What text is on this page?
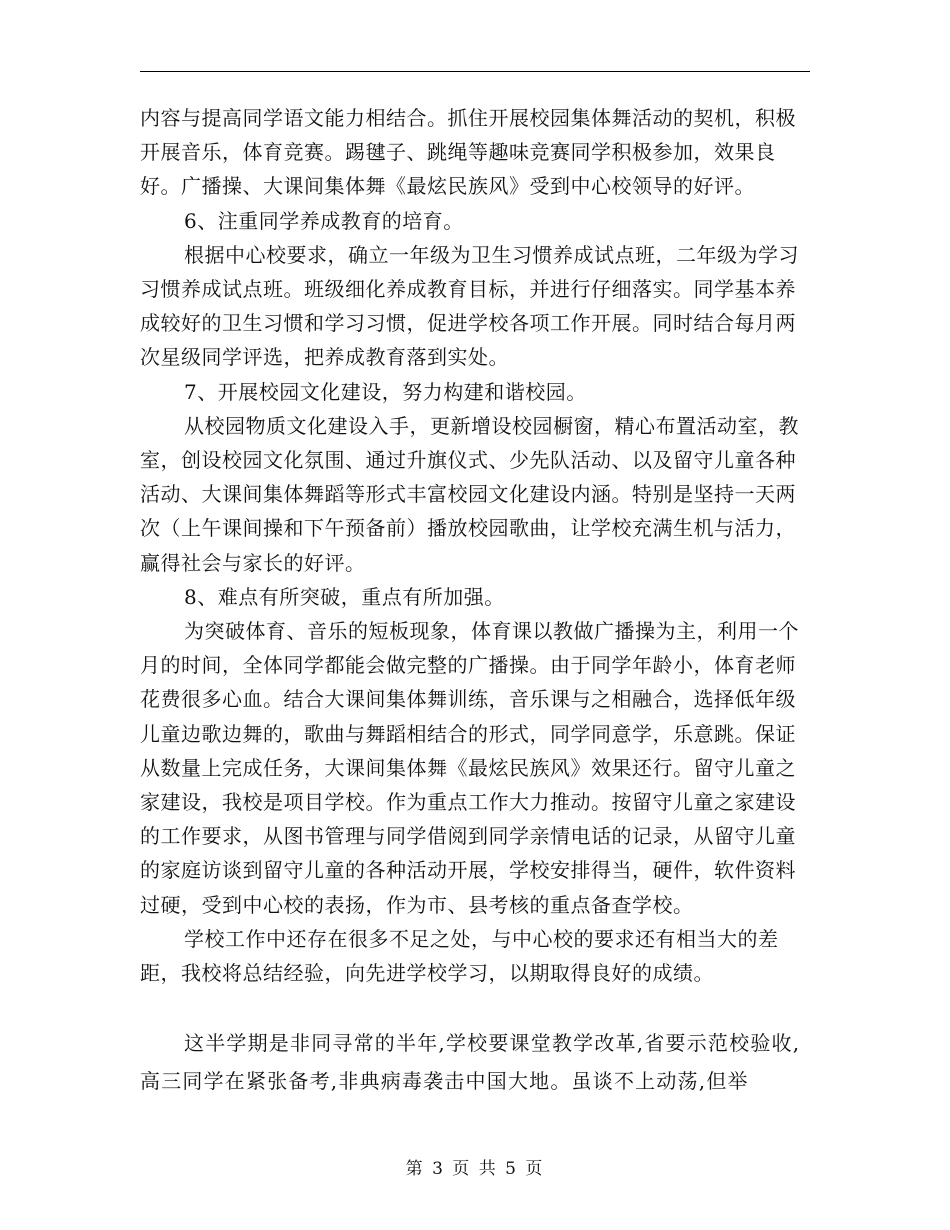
内容与提高同学语文能力相结合。抓住开展校园集体舞活动的契机，积极开展音乐，体育竞赛。踢毽子、跳绳等趣味竞赛同学积极参加，效果良好。广播操、大课间集体舞《最炫民族风》受到中心校领导的好评。

6、注重同学养成教育的培育。

根据中心校要求，确立一年级为卫生习惯养成试点班，二年级为学习习惯养成试点班。班级细化养成教育目标，并进行仔细落实。同学基本养成较好的卫生习惯和学习习惯，促进学校各项工作开展。同时结合每月两次星级同学评选，把养成教育落到实处。

7、开展校园文化建设，努力构建和谐校园。

从校园物质文化建设入手，更新增设校园橱窗，精心布置活动室，教室，创设校园文化氛围、通过升旗仪式、少先队活动、以及留守儿童各种活动、大课间集体舞蹈等形式丰富校园文化建设内涵。特别是坚持一天两次（上午课间操和下午预备前）播放校园歌曲，让学校充满生机与活力，赢得社会与家长的好评。

8、难点有所突破，重点有所加强。

为突破体育、音乐的短板现象，体育课以教做广播操为主，利用一个月的时间，全体同学都能会做完整的广播操。由于同学年龄小，体育老师花费很多心血。结合大课间集体舞训练，音乐课与之相融合，选择低年级儿童边歌边舞的，歌曲与舞蹈相结合的形式，同学同意学，乐意跳。保证从数量上完成任务，大课间集体舞《最炫民族风》效果还行。留守儿童之家建设，我校是项目学校。作为重点工作大力推动。按留守儿童之家建设的工作要求，从图书管理与同学借阅到同学亲情电话的记录，从留守儿童的家庭访谈到留守儿童的各种活动开展，学校安排得当，硬件，软件资料过硬，受到中心校的表扬，作为市、县考核的重点备查学校。

学校工作中还存在很多不足之处，与中心校的要求还有相当大的差距，我校将总结经验，向先进学校学习，以期取得良好的成绩。

这半学期是非同寻常的半年,学校要课堂教学改革,省要示范校验收,高三同学在紧张备考,非典病毒袭击中国大地。虽谈不上动荡,但举

第 3 页 共 5 页
